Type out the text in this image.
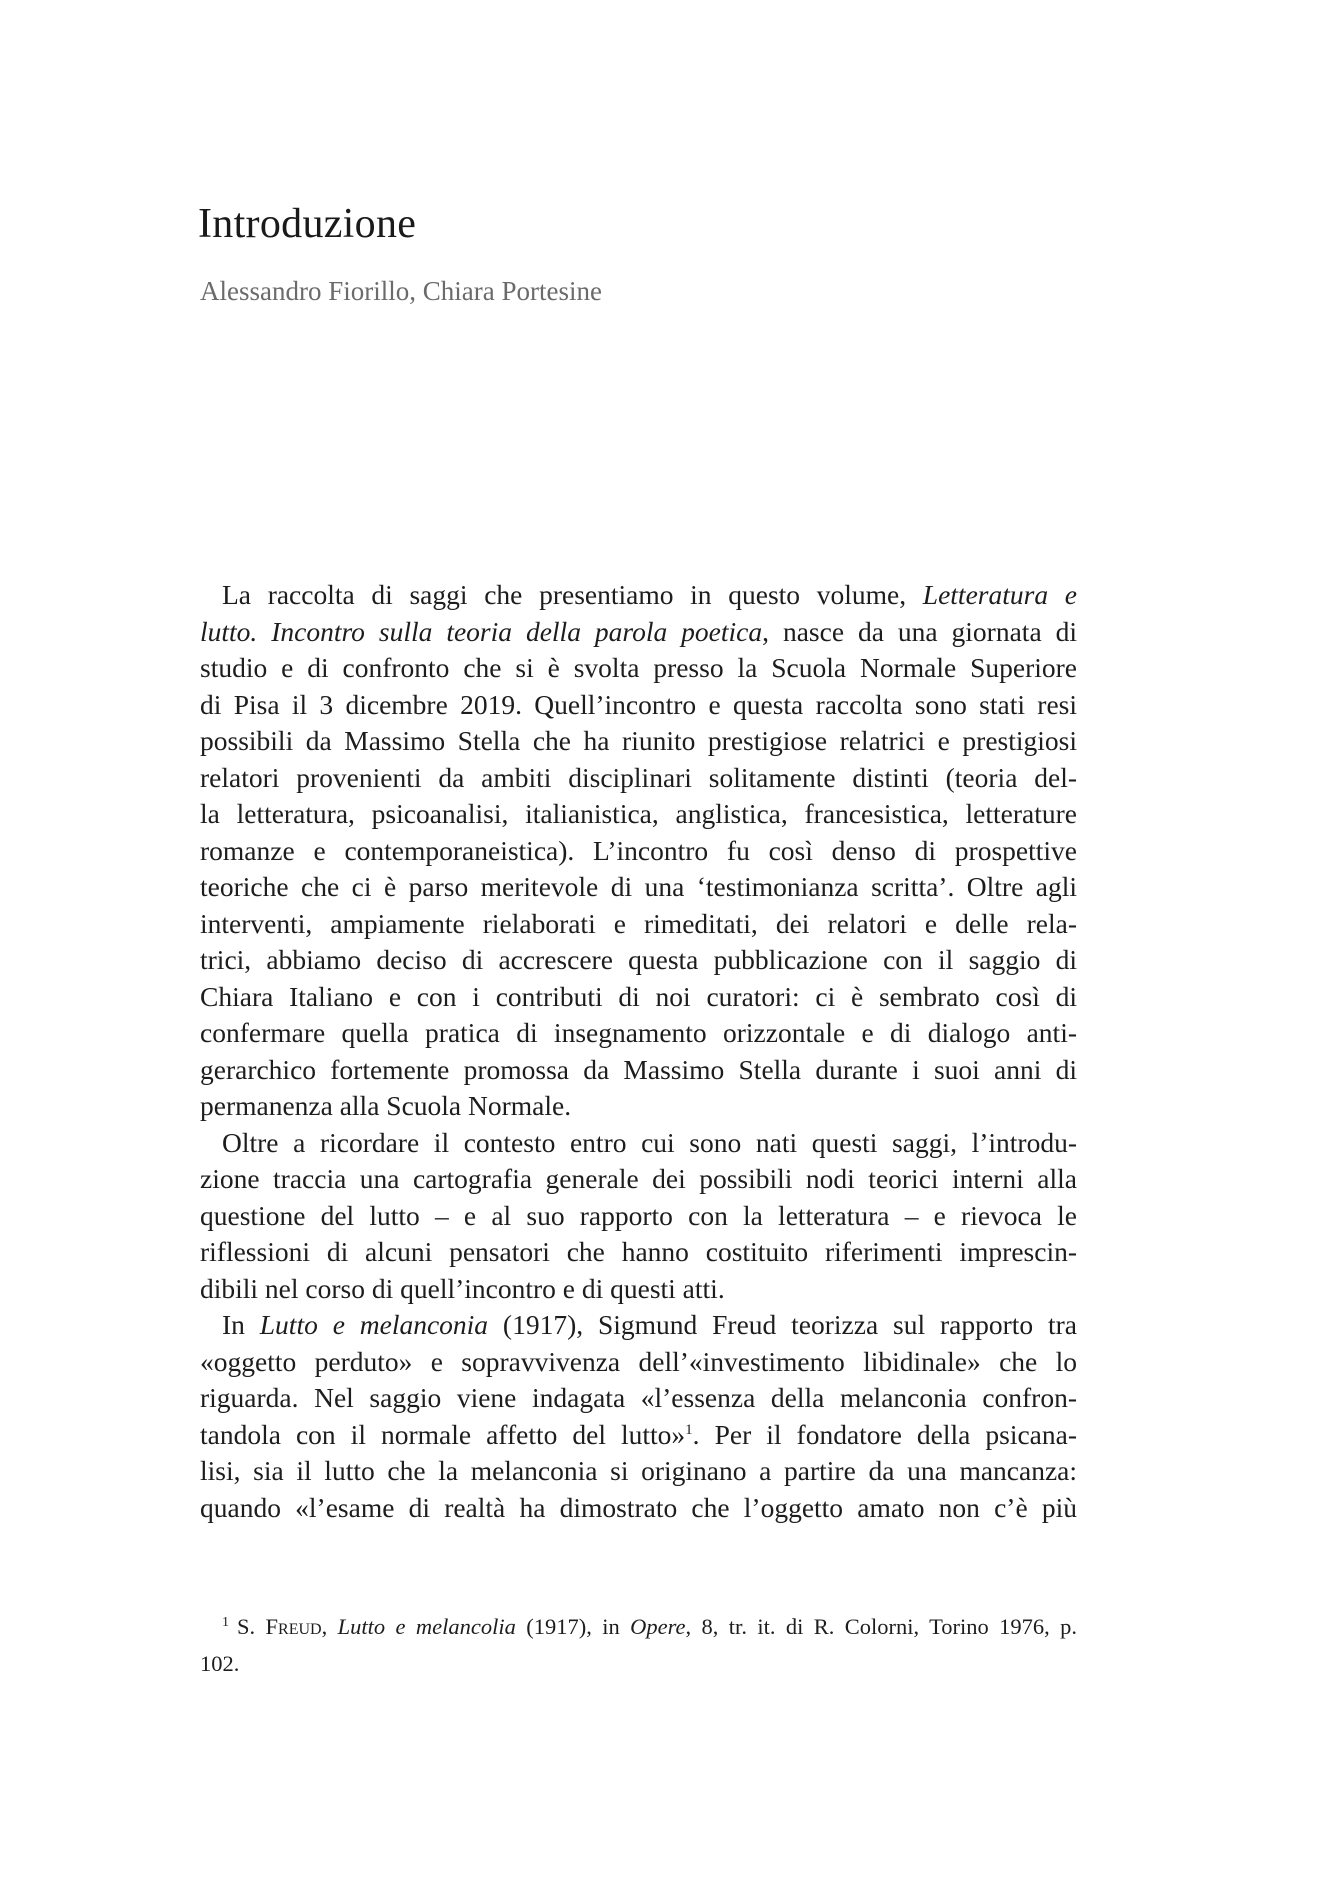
Introduzione
Alessandro Fiorillo, Chiara Portesine
La raccolta di saggi che presentiamo in questo volume, Letteratura e
lutto. Incontro sulla teoria della parola poetica, nasce da una giornata di
studio e di confronto che si è svolta presso la Scuola Normale Superiore
di Pisa il 3 dicembre 2019. Quell’incontro e questa raccolta sono stati resi
possibili da Massimo Stella che ha riunito prestigiose relatrici e prestigiosi
relatori provenienti da ambiti disciplinari solitamente distinti (teoria del-
la letteratura, psicoanalisi, italianistica, anglistica, francesistica, letterature
romanze e contemporaneistica). L’incontro fu così denso di prospettive
teoriche che ci è parso meritevole di una ‘testimonianza scritta’. Oltre agli
interventi, ampiamente rielaborati e rimeditati, dei relatori e delle rela-
trici, abbiamo deciso di accrescere questa pubblicazione con il saggio di
Chiara Italiano e con i contributi di noi curatori: ci è sembrato così di
confermare quella pratica di insegnamento orizzontale e di dialogo anti-
gerarchico fortemente promossa da Massimo Stella durante i suoi anni di
permanenza alla Scuola Normale.
Oltre a ricordare il contesto entro cui sono nati questi saggi, l’introdu-
zione traccia una cartografia generale dei possibili nodi teorici interni alla
questione del lutto – e al suo rapporto con la letteratura – e rievoca le
riflessioni di alcuni pensatori che hanno costituito riferimenti imprescin-
dibili nel corso di quell’incontro e di questi atti.
In Lutto e melanconia (1917), Sigmund Freud teorizza sul rapporto tra
«oggetto perduto» e sopravvivenza dell’«investimento libidinale» che lo
riguarda. Nel saggio viene indagata «l’essenza della melanconia confron-
tandola con il normale affetto del lutto»$^1$. Per il fondatore della psicana-
lisi, sia il lutto che la melanconia si originano a partire da una mancanza:
quando «l’esame di realtà ha dimostrato che l’oggetto amato non c’è più
$^1$ S. Freud, Lutto e melancolia (1917), in Opere, 8, tr. it. di R. Colorni, Torino 1976, p.
102.
